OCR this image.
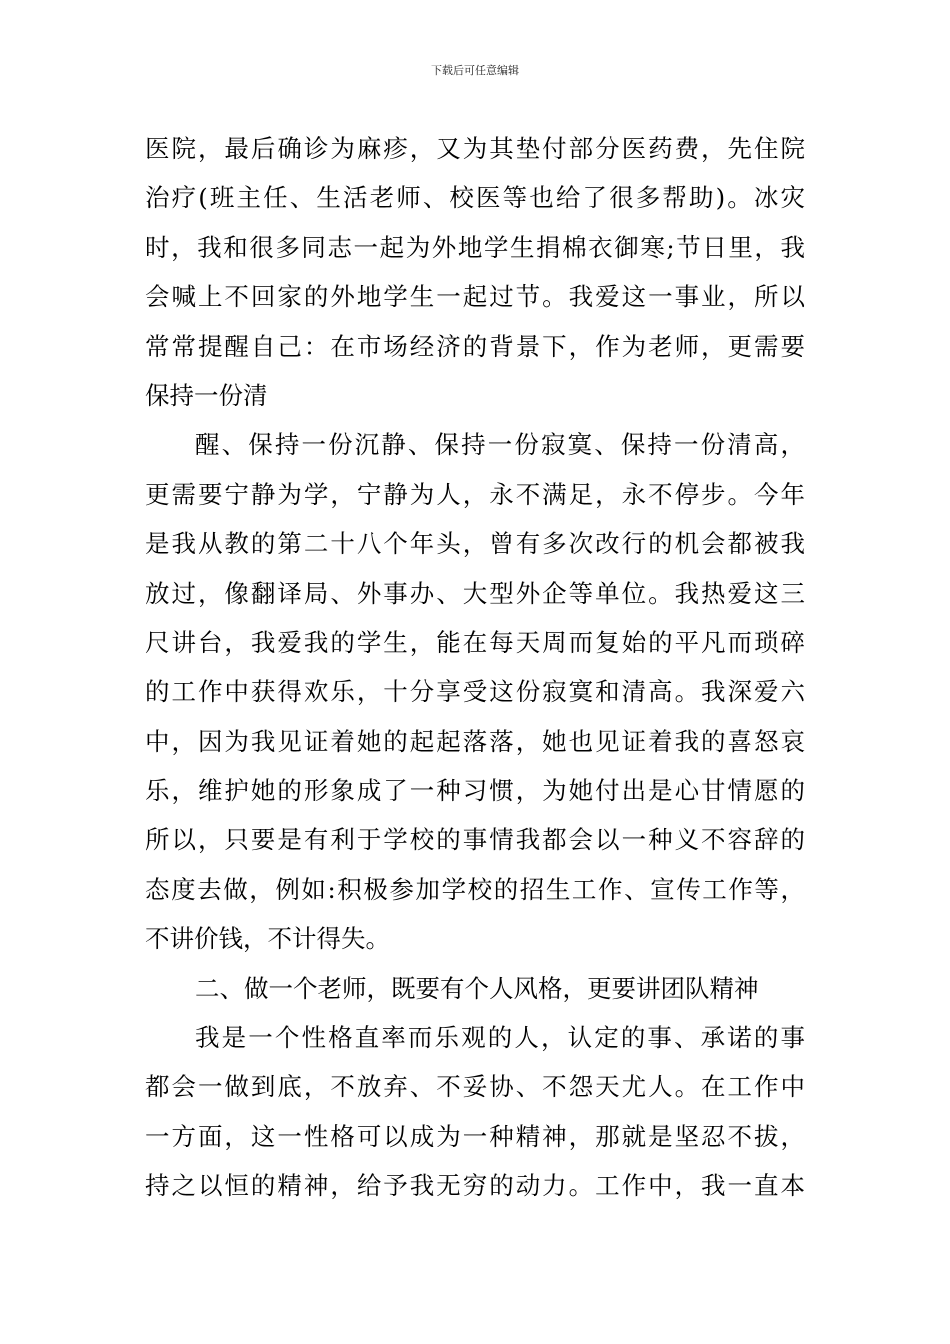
下载后可任意编辑
医院，最后确诊为麻疹，又为其垫付部分医药费，先住院
治疗(班主任、生活老师、校医等也给了很多帮助)。冰灾
时，我和很多同志一起为外地学生捐棉衣御寒;节日里，我
会喊上不回家的外地学生一起过节。我爱这一事业，所以
常常提醒自己：在市场经济的背景下，作为老师，更需要
保持一份清
醒、保持一份沉静、保持一份寂寞、保持一份清高，
更需要宁静为学，宁静为人，永不满足，永不停步。今年
是我从教的第二十八个年头，曾有多次改行的机会都被我
放过，像翻译局、外事办、大型外企等单位。我热爱这三
尺讲台，我爱我的学生，能在每天周而复始的平凡而琐碎
的工作中获得欢乐，十分享受这份寂寞和清高。我深爱六
中，因为我见证着她的起起落落，她也见证着我的喜怒哀
乐，维护她的形象成了一种习惯，为她付出是心甘情愿的
所以，只要是有利于学校的事情我都会以一种义不容辞的
态度去做，例如:积极参加学校的招生工作、宣传工作等，
不讲价钱，不计得失。
二、做一个老师，既要有个人风格，更要讲团队精神
我是一个性格直率而乐观的人，认定的事、承诺的事
都会一做到底，不放弃、不妥协、不怨天尤人。在工作中
一方面，这一性格可以成为一种精神，那就是坚忍不拔，
持之以恒的精神，给予我无穷的动力。工作中，我一直本
